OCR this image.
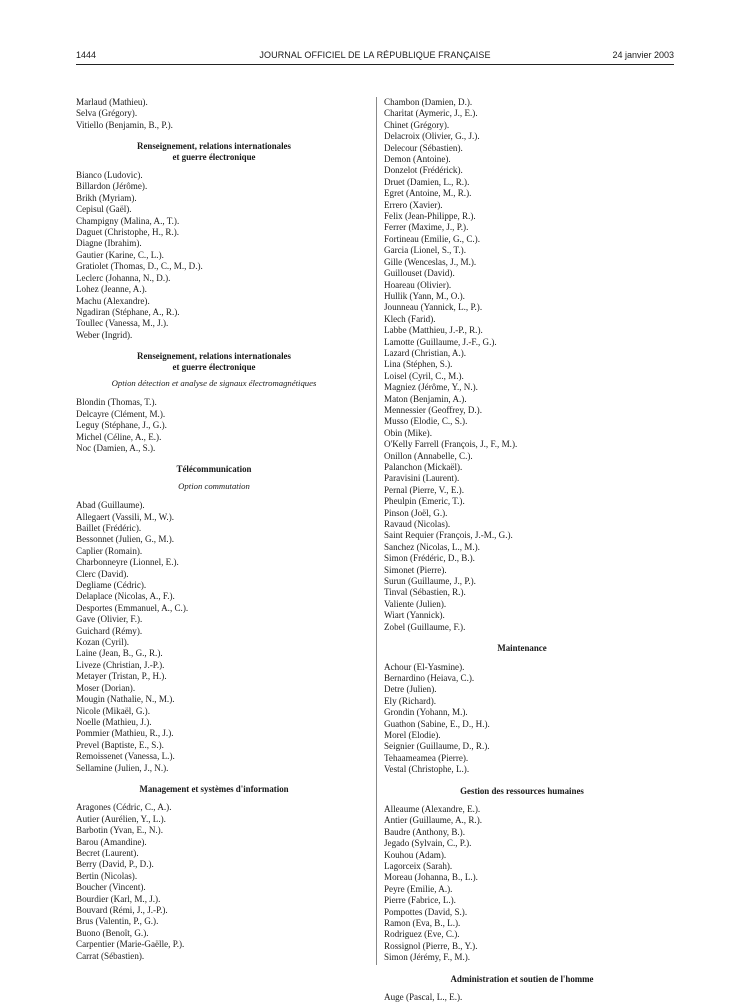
1444	JOURNAL OFFICIEL DE LA RÉPUBLIQUE FRANÇAISE	24 janvier 2003
Marlaud (Mathieu).
Selva (Grégory).
Vitiello (Benjamin, B., P.).
Renseignement, relations internationales
et guerre électronique
Bianco (Ludovic).
Billardon (Jérôme).
Brikh (Myriam).
Cepisul (Gaël).
Champigny (Malina, A., T.).
Daguet (Christophe, H., R.).
Diagne (Ibrahim).
Gautier (Karine, C., L.).
Gratiolet (Thomas, D., C., M., D.).
Leclerc (Johanna, N., D.).
Lohez (Jeanne, A.).
Machu (Alexandre).
Ngadiran (Stéphane, A., R.).
Toullec (Vanessa, M., J.).
Weber (Ingrid).
Renseignement, relations internationales
et guerre électronique
Option détection et analyse de signaux électromagnétiques
Blondin (Thomas, T.).
Delcayre (Clément, M.).
Leguy (Stéphane, J., G.).
Michel (Céline, A., E.).
Noc (Damien, A., S.).
Télécommunication
Option commutation
Abad (Guillaume).
Allegaert (Vassili, M., W.).
Baillet (Frédéric).
Bessonnet (Julien, G., M.).
Caplier (Romain).
Charbonneyre (Lionnel, E.).
Clerc (David).
Degliame (Cédric).
Delaplace (Nicolas, A., F.).
Desportes (Emmanuel, A., C.).
Gave (Olivier, F.).
Guichard (Rémy).
Kozan (Cyril).
Laine (Jean, B., G., R.).
Liveze (Christian, J.-P.).
Metayer (Tristan, P., H.).
Moser (Dorian).
Mougin (Nathalie, N., M.).
Nicole (Mikaël, G.).
Noelle (Mathieu, J.).
Pommier (Mathieu, R., J.).
Prevel (Baptiste, E., S.).
Remoissenet (Vanessa, L.).
Sellamine (Julien, J., N.).
Management et systèmes d'information
Aragones (Cédric, C., A.).
Autier (Aurélien, Y., L.).
Barbotin (Yvan, E., N.).
Barou (Amandine).
Becret (Laurent).
Berry (David, P., D.).
Bertin (Nicolas).
Boucher (Vincent).
Bourdier (Karl, M., J.).
Bouvard (Rémi, J., J.-P.).
Brus (Valentin, P., G.).
Buono (Benoît, G.).
Carpentier (Marie-Gaëlle, P.).
Carrat (Sébastien).
Chambon (Damien, D.).
Charitat (Aymeric, J., E.).
Chinet (Grégory).
Delacroix (Olivier, G., J.).
Delecour (Sébastien).
Demon (Antoine).
Donzelot (Frédérick).
Druet (Damien, L., R.).
Egret (Antoine, M., R.).
Errero (Xavier).
Felix (Jean-Philippe, R.).
Ferrer (Maxime, J., P.).
Fortineau (Emilie, G., C.).
Garcia (Lionel, S., T.).
Gille (Wenceslas, J., M.).
Guillouset (David).
Hoareau (Olivier).
Hullik (Yann, M., O.).
Jounneau (Yannick, L., P.).
Klech (Farid).
Labbe (Matthieu, J.-P., R.).
Lamotte (Guillaume, J.-F., G.).
Lazard (Christian, A.).
Lina (Stéphen, S.).
Loisel (Cyril, C., M.).
Magniez (Jérôme, Y., N.).
Maton (Benjamin, A.).
Mennessier (Geoffrey, D.).
Musso (Elodie, C., S.).
Obin (Mike).
O'Kelly Farrell (François, J., F., M.).
Onillon (Annabelle, C.).
Palanchon (Mickaël).
Paravisini (Laurent).
Pernal (Pierre, V., E.).
Pheulpin (Emeric, T.).
Pinson (Joël, G.).
Ravaud (Nicolas).
Saint Requier (François, J.-M., G.).
Sanchez (Nicolas, L., M.).
Simon (Frédéric, D., B.).
Simonet (Pierre).
Surun (Guillaume, J., P.).
Tinval (Sébastien, R.).
Valiente (Julien).
Wiart (Yannick).
Zobel (Guillaume, F.).
Maintenance
Achour (El-Yasmine).
Bernardino (Heiava, C.).
Detre (Julien).
Ely (Richard).
Grondin (Yohann, M.).
Guathon (Sabine, E., D., H.).
Morel (Elodie).
Seignier (Guillaume, D., R.).
Tehaameamea (Pierre).
Vestal (Christophe, L.).
Gestion des ressources humaines
Alleaume (Alexandre, E.).
Antier (Guillaume, A., R.).
Baudre (Anthony, B.).
Jegado (Sylvain, C., P.).
Kouhou (Adam).
Lagorceix (Sarah).
Moreau (Johanna, B., L.).
Peyre (Emilie, A.).
Pierre (Fabrice, L.).
Pompottes (David, S.).
Ramon (Eva, B., L.).
Rodriguez (Eve, C.).
Rossignol (Pierre, B., Y.).
Simon (Jérémy, F., M.).
Administration et soutien de l'homme
Auge (Pascal, L., E.).
